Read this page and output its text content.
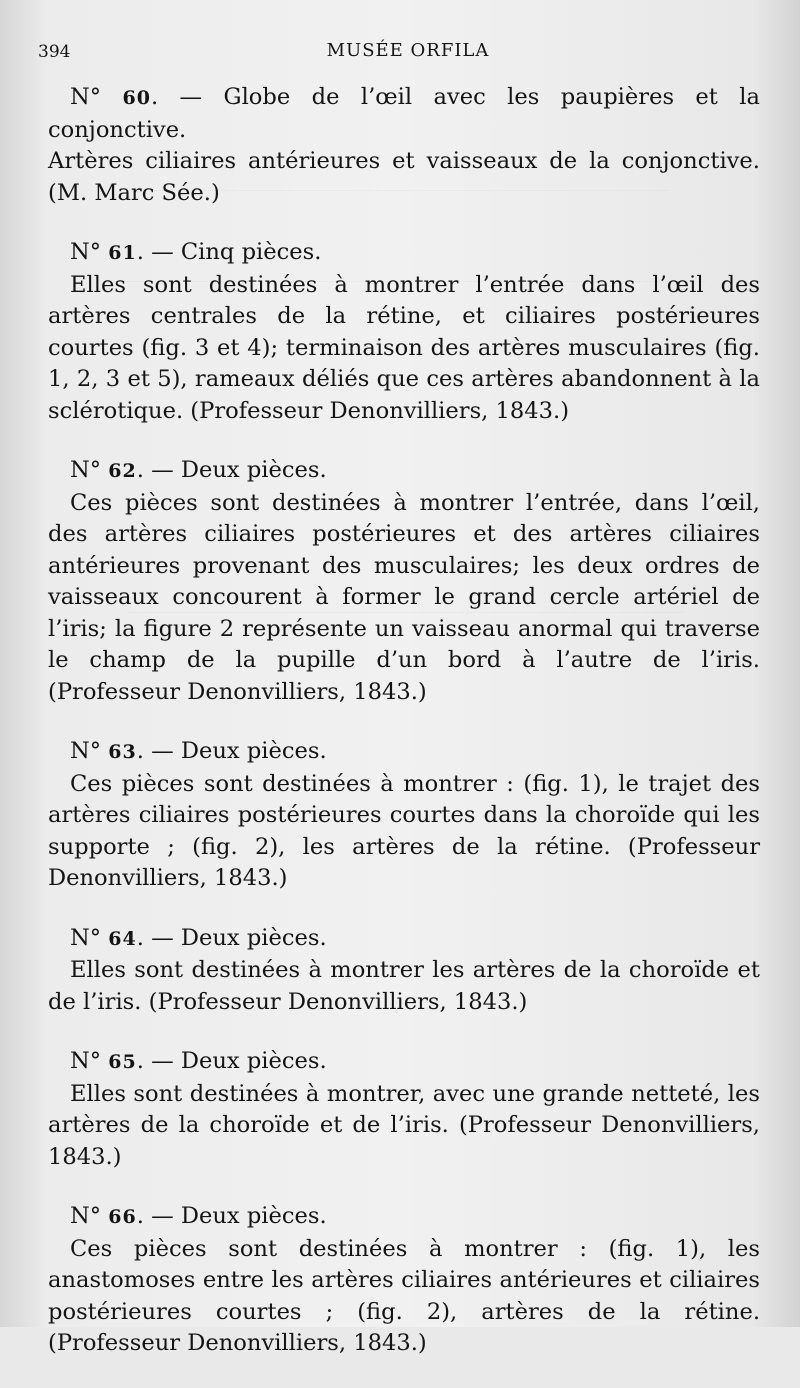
394	MUSÉE ORFILA

N° 60. — Globe de l’œil avec les paupières et la conjonctive.

Artères ciliaires antérieures et vaisseaux de la conjonctive. (M. Marc Sée.)

N° 61. — Cinq pièces.

Elles sont destinées à montrer l’entrée dans l’œil des artères centrales de la rétine, et ciliaires postérieures courtes (fig. 3 et 4); terminaison des artères musculaires (fig. 1, 2, 3 et 5), rameaux déliés que ces artères abandonnent à la sclérotique. (Professeur Denonvilliers, 1843.)

N° 62. — Deux pièces.

Ces pièces sont destinées à montrer l’entrée, dans l’œil, des artères ciliaires postérieures et des artères ciliaires antérieures provenant des musculaires; les deux ordres de vaisseaux concourent à former le grand cercle artériel de l’iris; la figure 2 représente un vaisseau anormal qui traverse le champ de la pupille d’un bord à l’autre de l’iris. (Professeur Denonvilliers, 1843.)

N° 63. — Deux pièces.

Ces pièces sont destinées à montrer : (fig. 1), le trajet des artères ciliaires postérieures courtes dans la choroïde qui les supporte ; (fig. 2), les artères de la rétine. (Professeur Denonvilliers, 1843.)

N° 64. — Deux pièces.

Elles sont destinées à montrer les artères de la choroïde et de l’iris. (Professeur Denonvilliers, 1843.)

N° 65. — Deux pièces.

Elles sont destinées à montrer, avec une grande netteté, les artères de la choroïde et de l’iris. (Professeur Denonvilliers, 1843.)

N° 66. — Deux pièces.

Ces pièces sont destinées à montrer : (fig. 1), les anastomoses entre les artères ciliaires antérieures et ciliaires postérieures courtes ; (fig. 2), artères de la rétine. (Professeur Denonvilliers, 1843.)
